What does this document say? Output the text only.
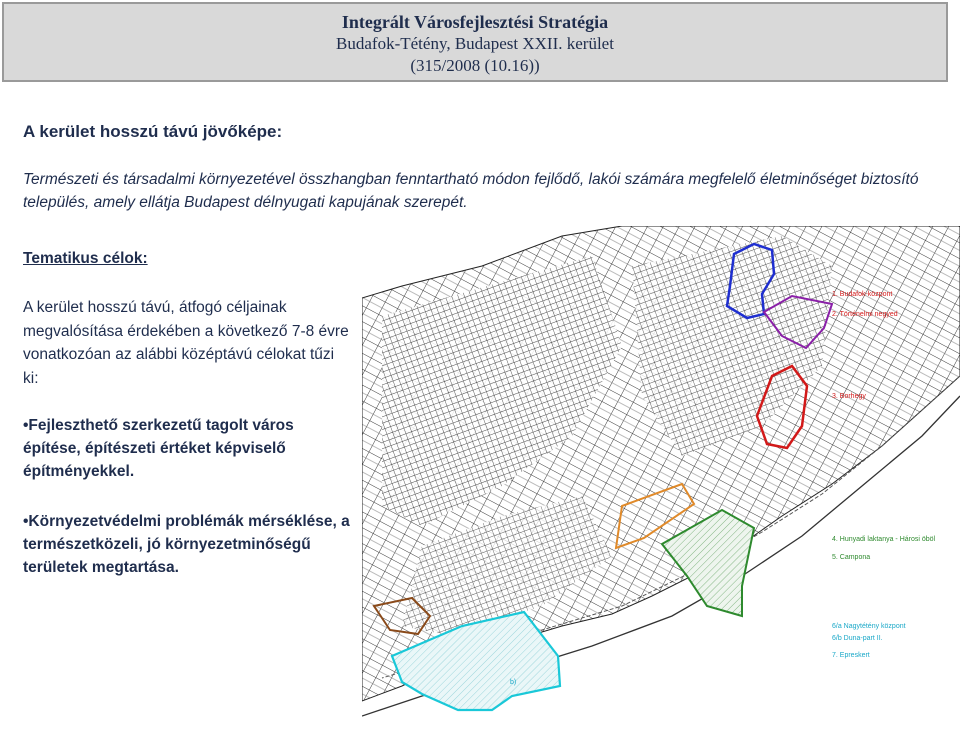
Integrált Városfejlesztési Stratégia
Budafok-Tétény, Budapest XXII. kerület
(315/2008 (10.16))
A kerület hosszú távú jövőképe:
Természeti és társadalmi környezetével összhangban fenntartható módon fejlődő, lakói számára megfelelő életminőséget biztosító település, amely ellátja Budapest délnyugati kapujának szerepét.
Tematikus célok:
A kerület hosszú távú, átfogó céljainak megvalósítása érdekében a következő 7-8 évre vonatkozóan az alábbi középtávú célokat tűzi ki:
•Fejleszthető szerkezetű tagolt város építése, építészeti értéket képviselő építményekkel.
•Környezetvédelmi problémák mérséklése, a természetközeli, jó környezetminőségű területek megtartása.
1. Budafok-központ
2. Történelmi negyed
3. Borhegy
4. Hunyadi laktanya - Hárosi öböl
5. Campona
6/a Nagytétény központ
6/b Duna-part II.
7. Epreskert
b)
